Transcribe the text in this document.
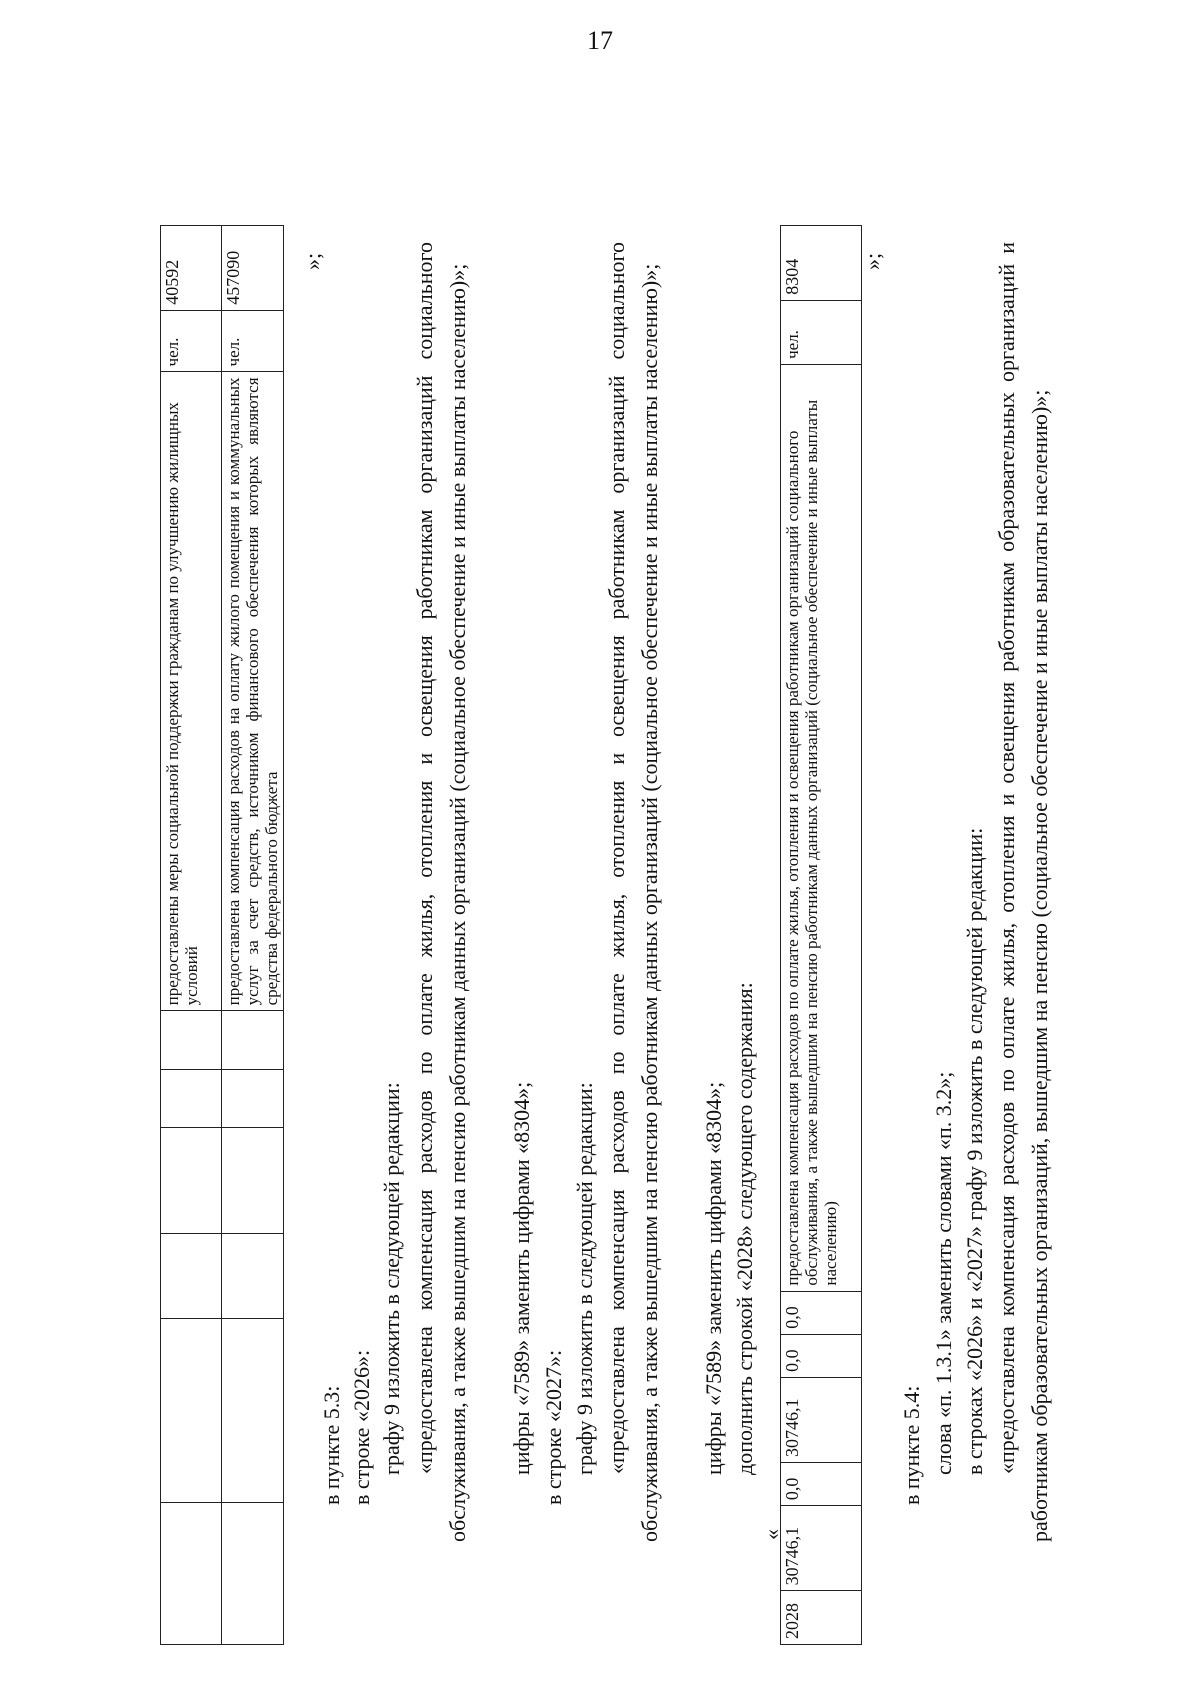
17
						предоставлены меры социальной поддержки гражданам по улучшению жилищных условий	чел.	40592
						предоставлена компенсация расходов на оплату жилого помещения и коммунальных услуг за счет средств, источником финансового обеспечения которых являются средства федерального бюджета	чел.	457090	»;
в пункте 5.3: в строке «2026»: графу 9 изложить в следующей редакции: «предоставлена компенсация расходов по оплате жилья, отопления и освещения работникам организаций социального обслуживания, а также вышедшим на пенсию работникам данных организаций (социальное обеспечение и иные выплаты населению)»; цифры «7589» заменить цифрами «8304»; в строке «2027»: графу 9 изложить в следующей редакции: «предоставлена компенсация расходов по оплате жилья, отопления и освещения работникам организаций социального обслуживания, а также вышедшим на пенсию работникам данных организаций (социальное обеспечение и иные выплаты населению)»; цифры «7589» заменить цифрами «8304»; дополнить строкой «2028» следующего содержания:
«
2028	30746,1	0,0	30746,1	0,0	0,0	предоставлена компенсация расходов по оплате жилья, отопления и освещения работникам организаций социального обслуживания, а также вышедшим на пенсию работникам данных организаций (социальное обеспечение и иные выплаты населению)	чел.	8304	»;
в пункте 5.4: слова «п. 1.3.1» заменить словами «п. 3.2»; в строках «2026» и «2027» графу 9 изложить в следующей редакции: «предоставлена компенсация расходов по оплате жилья, отопления и освещения работникам образовательных организаций и работникам образовательных организаций, вышедшим на пенсию (социальное обеспечение и иные выплаты населению)»;
